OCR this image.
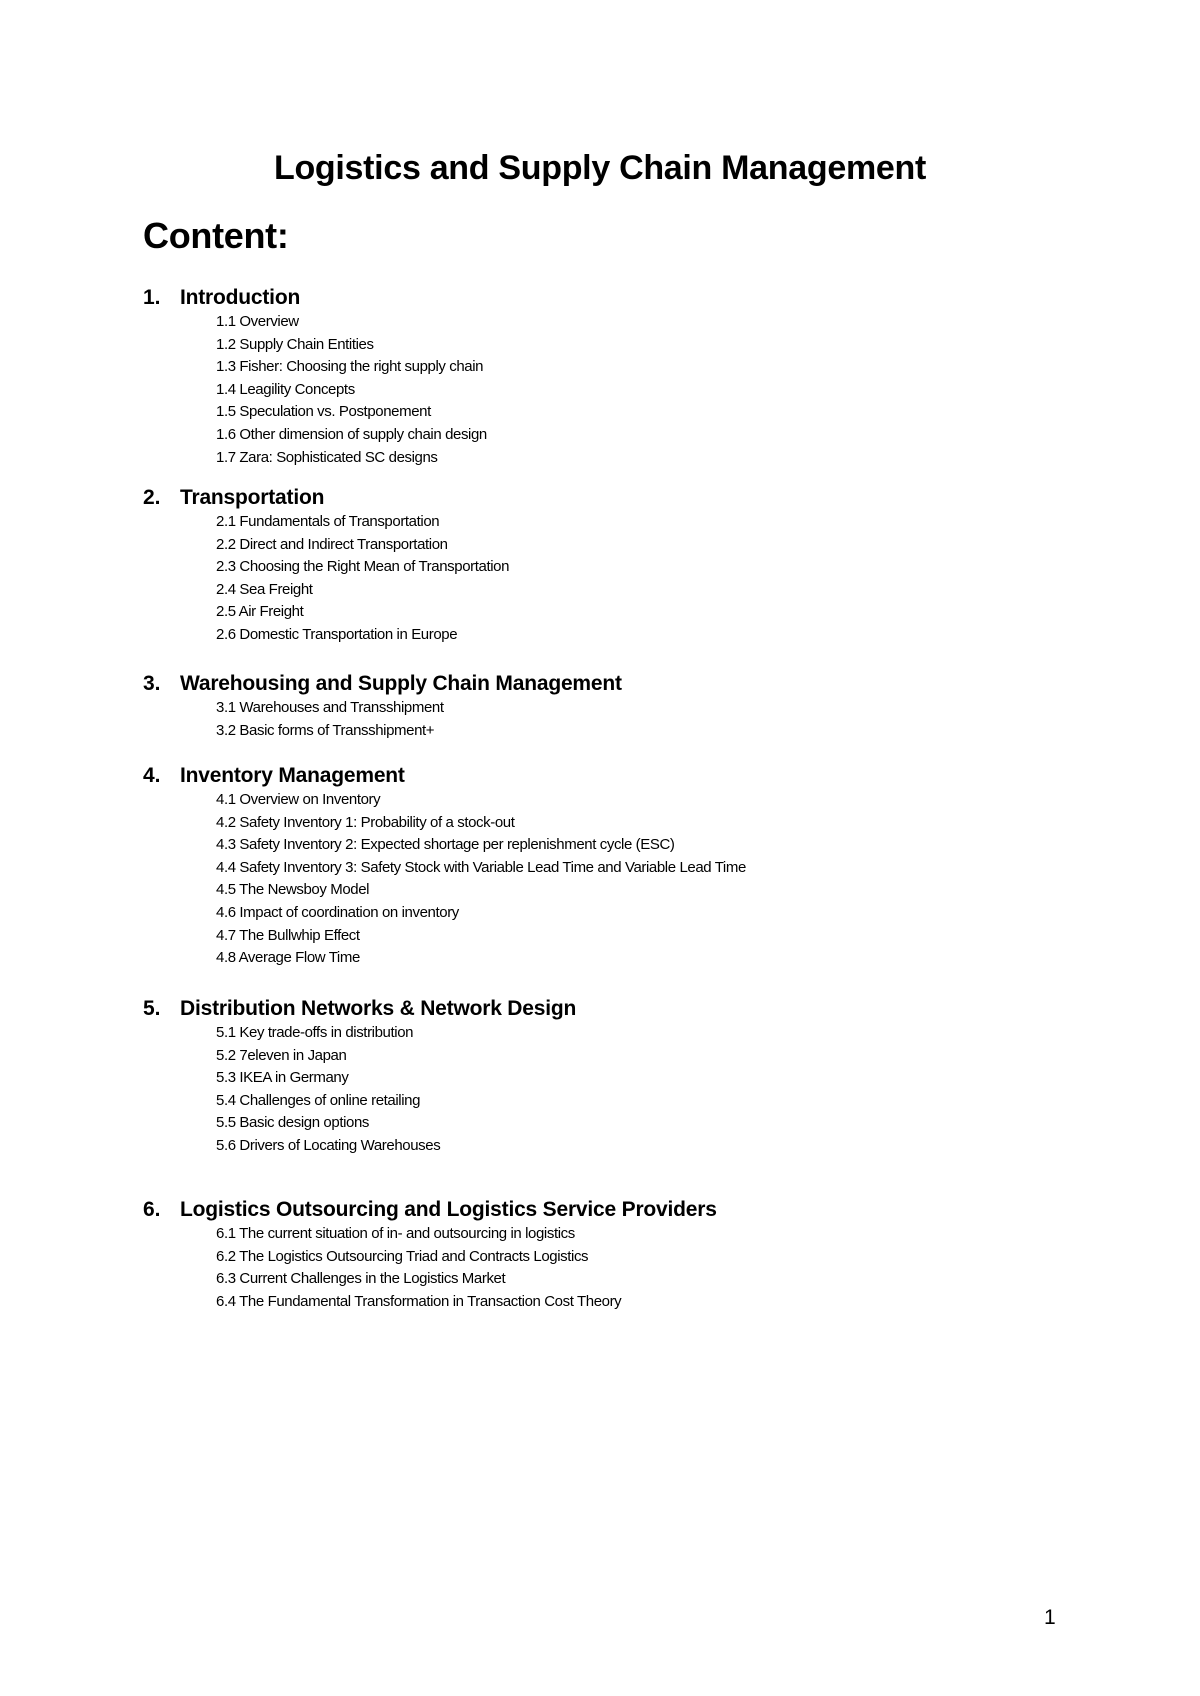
Logistics and Supply Chain Management
Content:
1. Introduction
1.1 Overview
1.2 Supply Chain Entities
1.3 Fisher: Choosing the right supply chain
1.4 Leagility Concepts
1.5 Speculation vs. Postponement
1.6 Other dimension of supply chain design
1.7 Zara: Sophisticated SC designs
2. Transportation
2.1 Fundamentals of Transportation
2.2 Direct and Indirect Transportation
2.3 Choosing the Right Mean of Transportation
2.4 Sea Freight
2.5 Air Freight
2.6 Domestic Transportation in Europe
3. Warehousing and Supply Chain Management
3.1 Warehouses and Transshipment
3.2 Basic forms of Transshipment+
4. Inventory Management
4.1 Overview on Inventory
4.2 Safety Inventory 1: Probability of a stock-out
4.3 Safety Inventory 2: Expected shortage per replenishment cycle (ESC)
4.4 Safety Inventory 3: Safety Stock with Variable Lead Time and Variable Lead Time
4.5 The Newsboy Model
4.6 Impact of coordination on inventory
4.7 The Bullwhip Effect
4.8 Average Flow Time
5. Distribution Networks & Network Design
5.1 Key trade-offs in distribution
5.2 7eleven in Japan
5.3 IKEA in Germany
5.4 Challenges of online retailing
5.5 Basic design options
5.6 Drivers of Locating Warehouses
6. Logistics Outsourcing and Logistics Service Providers
6.1 The current situation of in- and outsourcing in logistics
6.2 The Logistics Outsourcing Triad and Contracts Logistics
6.3 Current Challenges in the Logistics Market
6.4 The Fundamental Transformation in Transaction Cost Theory
1
